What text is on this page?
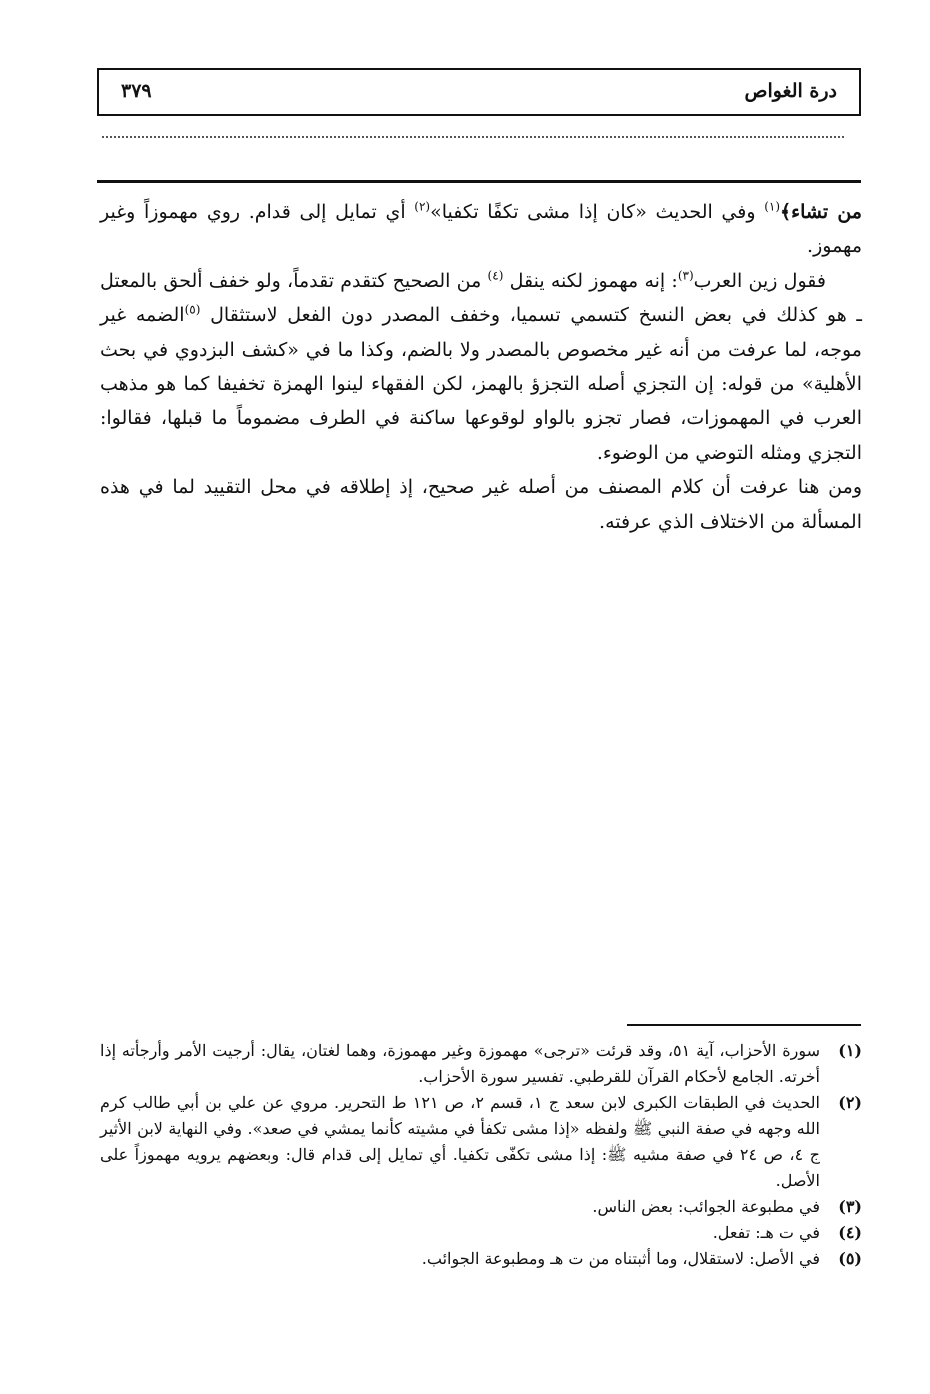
درة الغواص
٣٧٩

من تشاء﴾$^{(١)}$ وفي الحديث «كان إذا مشى تكفًا تكفيا»$^{(٢)}$ أي تمايل إلى قدام. روي مهموزاً وغير مهموز.

فقول زين العرب$^{(٣)}$: إنه مهموز لكنه ينقل $^{(٤)}$ من الصحيح كتقدم تقدماً، ولو خفف ألحق بالمعتل ـ هو كذلك في بعض النسخ كتسمي تسميا، وخفف المصدر دون الفعل لاستثقال $^{(٥)}$الضمه غير موجه، لما عرفت من أنه غير مخصوص بالمصدر ولا بالضم، وكذا ما في «كشف البزدوي في بحث الأهلية» من قوله: إن التجزي أصله التجزؤ بالهمز، لكن الفقهاء لينوا الهمزة تخفيفا كما هو مذهب العرب في المهموزات، فصار تجزو بالواو لوقوعها ساكنة في الطرف مضموماً ما قبلها، فقالوا: التجزي ومثله التوضي من الوضوء.

ومن هنا عرفت أن كلام المصنف من أصله غير صحيح، إذ إطلاقه في محل التقييد لما في هذه المسألة من الاختلاف الذي عرفته.

(١)
سورة الأحزاب، آية ٥١، وقد قرئت «ترجى» مهموزة وغير مهموزة، وهما لغتان، يقال: أرجيت الأمر وأرجأته إذا أخرته. الجامع لأحكام القرآن للقرطبي. تفسير سورة الأحزاب.
(٢)
الحديث في الطبقات الكبرى لابن سعد ج ١، قسم ٢، ص ١٢١ ط التحرير. مروي عن علي بن أبي طالب كرم الله وجهه في صفة النبي ﷺ ولفظه «إذا مشى تكفأ في مشيته كأنما يمشي في صعد». وفي النهاية لابن الأثير ج ٤، ص ٢٤ في صفة مشيه ﷺ: إذا مشى تكفّى تكفيا. أي تمايل إلى قدام قال: وبعضهم يرويه مهموزاً على الأصل.
(٣)
في مطبوعة الجوائب: بعض الناس.
(٤)
في ت هـ: تفعل.
(٥)
في الأصل: لاستقلال، وما أثبتناه من ت هـ ومطبوعة الجوائب.
